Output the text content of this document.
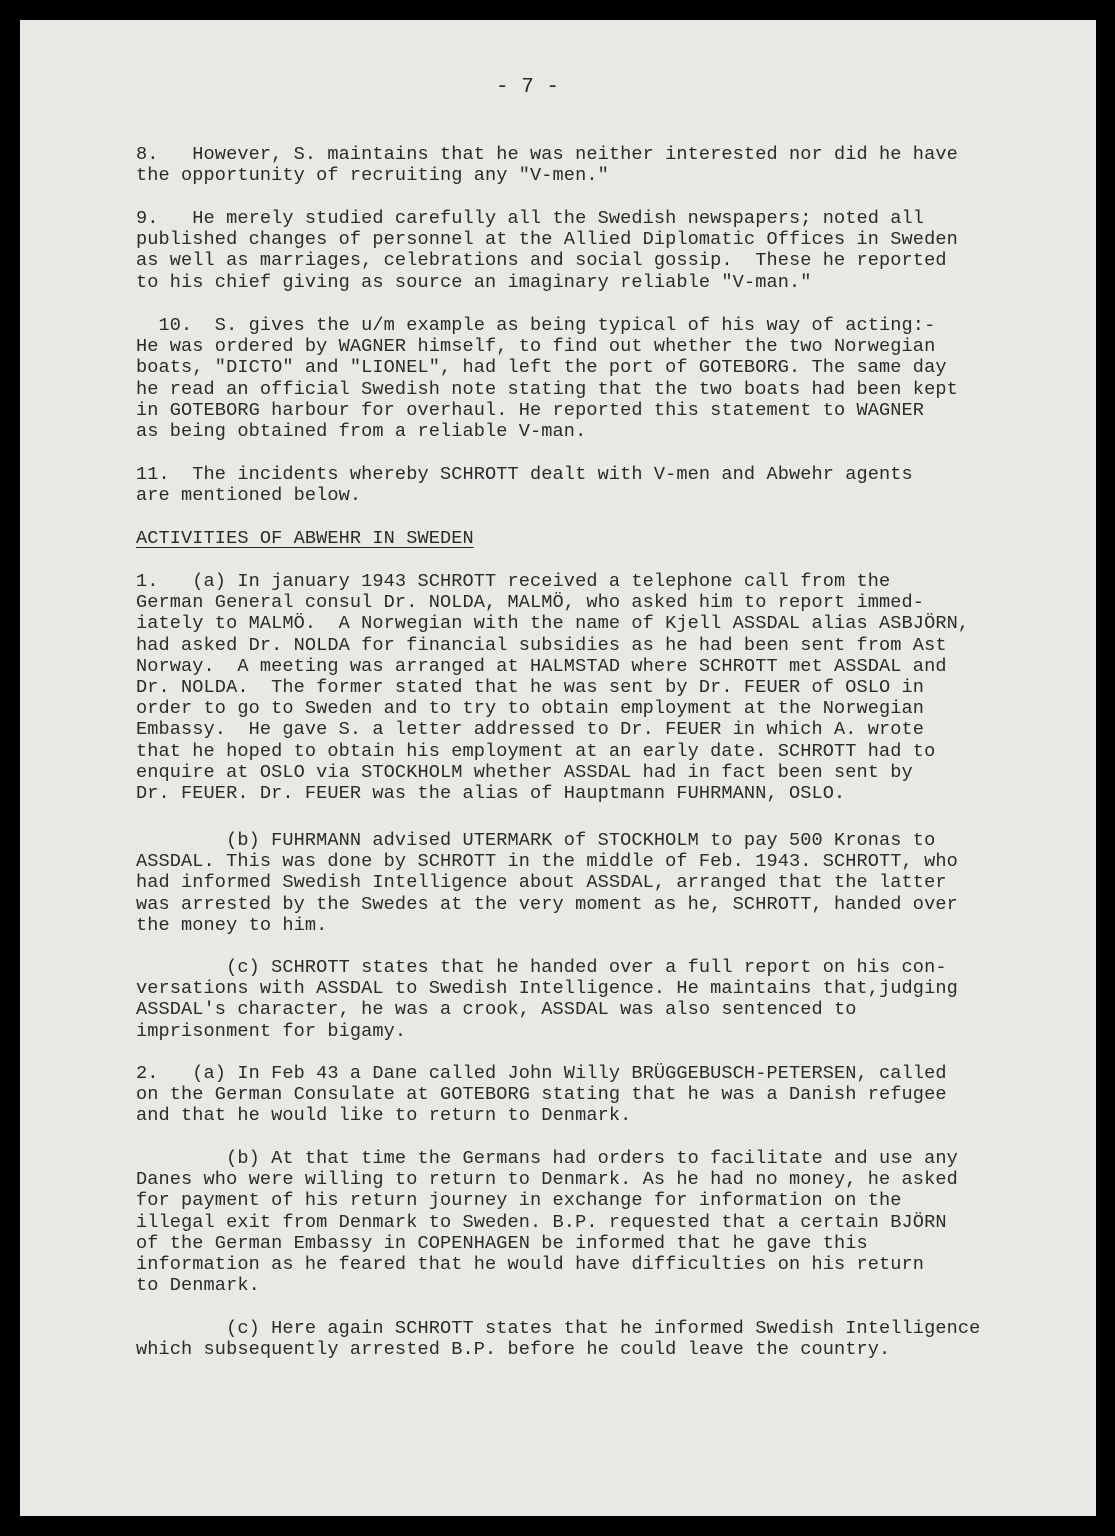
- 7 -
8.   However, S. maintains that he was neither interested nor did he have
the opportunity of recruiting any "V-men."
9.   He merely studied carefully all the Swedish newspapers; noted all
published changes of personnel at the Allied Diplomatic Offices in Sweden
as well as marriages, celebrations and social gossip.  These he reported
to his chief giving as source an imaginary reliable "V-man."
10.  S. gives the u/m example as being typical of his way of acting:-
He was ordered by WAGNER himself, to find out whether the two Norwegian
boats, "DICTO" and "LIONEL", had left the port of GOTEBORG. The same day
he read an official Swedish note stating that the two boats had been kept
in GOTEBORG harbour for overhaul. He reported this statement to WAGNER
as being obtained from a reliable V-man.
11.  The incidents whereby SCHROTT dealt with V-men and Abwehr agents
are mentioned below.
ACTIVITIES OF ABWEHR IN SWEDEN
1.   (a) In january 1943 SCHROTT received a telephone call from the
German General consul Dr. NOLDA, MALMÖ, who asked him to report immed-
iately to MALMÖ.  A Norwegian with the name of Kjell ASSDAL alias ASBJÖRN,
had asked Dr. NOLDA for financial subsidies as he had been sent from Ast
Norway.  A meeting was arranged at HALMSTAD where SCHROTT met ASSDAL and
Dr. NOLDA.  The former stated that he was sent by Dr. FEUER of OSLO in
order to go to Sweden and to try to obtain employment at the Norwegian
Embassy.  He gave S. a letter addressed to Dr. FEUER in which A. wrote
that he hoped to obtain his employment at an early date. SCHROTT had to
enquire at OSLO via STOCKHOLM whether ASSDAL had in fact been sent by
Dr. FEUER. Dr. FEUER was the alias of Hauptmann FUHRMANN, OSLO.
(b) FUHRMANN advised UTERMARK of STOCKHOLM to pay 500 Kronas to
ASSDAL. This was done by SCHROTT in the middle of Feb. 1943. SCHROTT, who
had informed Swedish Intelligence about ASSDAL, arranged that the latter
was arrested by the Swedes at the very moment as he, SCHROTT, handed over
the money to him.
(c) SCHROTT states that he handed over a full report on his con-
versations with ASSDAL to Swedish Intelligence. He maintains that,judging
ASSDAL's character, he was a crook, ASSDAL was also sentenced to
imprisonment for bigamy.
2.   (a) In Feb 43 a Dane called John Willy BRÜGGEBUSCH-PETERSEN, called
on the German Consulate at GOTEBORG stating that he was a Danish refugee
and that he would like to return to Denmark.
(b) At that time the Germans had orders to facilitate and use any
Danes who were willing to return to Denmark. As he had no money, he asked
for payment of his return journey in exchange for information on the
illegal exit from Denmark to Sweden. B.P. requested that a certain BJÖRN
of the German Embassy in COPENHAGEN be informed that he gave this
information as he feared that he would have difficulties on his return
to Denmark.
(c) Here again SCHROTT states that he informed Swedish Intelligence
which subsequently arrested B.P. before he could leave the country.
